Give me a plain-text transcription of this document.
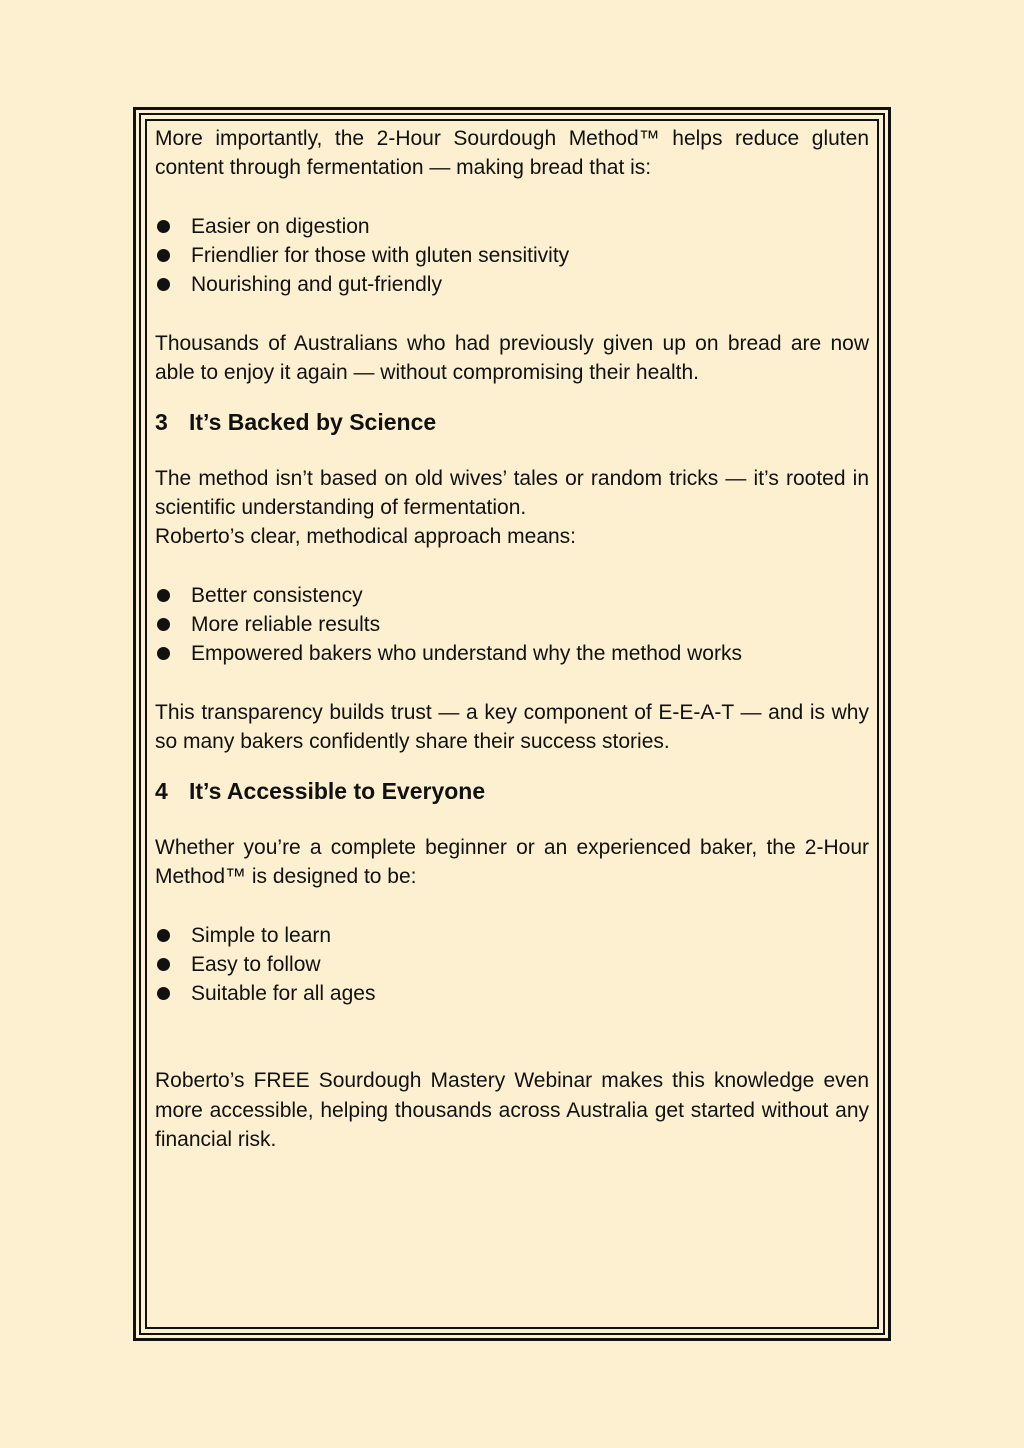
More importantly, the 2-Hour Sourdough Method™ helps reduce gluten content through fermentation — making bread that is:

Easier on digestion
Friendlier for those with gluten sensitivity
Nourishing and gut-friendly

Thousands of Australians who had previously given up on bread are now able to enjoy it again — without compromising their health.

3 It’s Backed by Science

The method isn’t based on old wives’ tales or random tricks — it’s rooted in scientific understanding of fermentation.

Roberto’s clear, methodical approach means:

Better consistency
More reliable results
Empowered bakers who understand why the method works

This transparency builds trust — a key component of E-E-A-T — and is why so many bakers confidently share their success stories.

4 It’s Accessible to Everyone

Whether you’re a complete beginner or an experienced baker, the 2-Hour Method™ is designed to be:

Simple to learn
Easy to follow
Suitable for all ages

Roberto’s FREE Sourdough Mastery Webinar makes this knowledge even more accessible, helping thousands across Australia get started without any financial risk.
